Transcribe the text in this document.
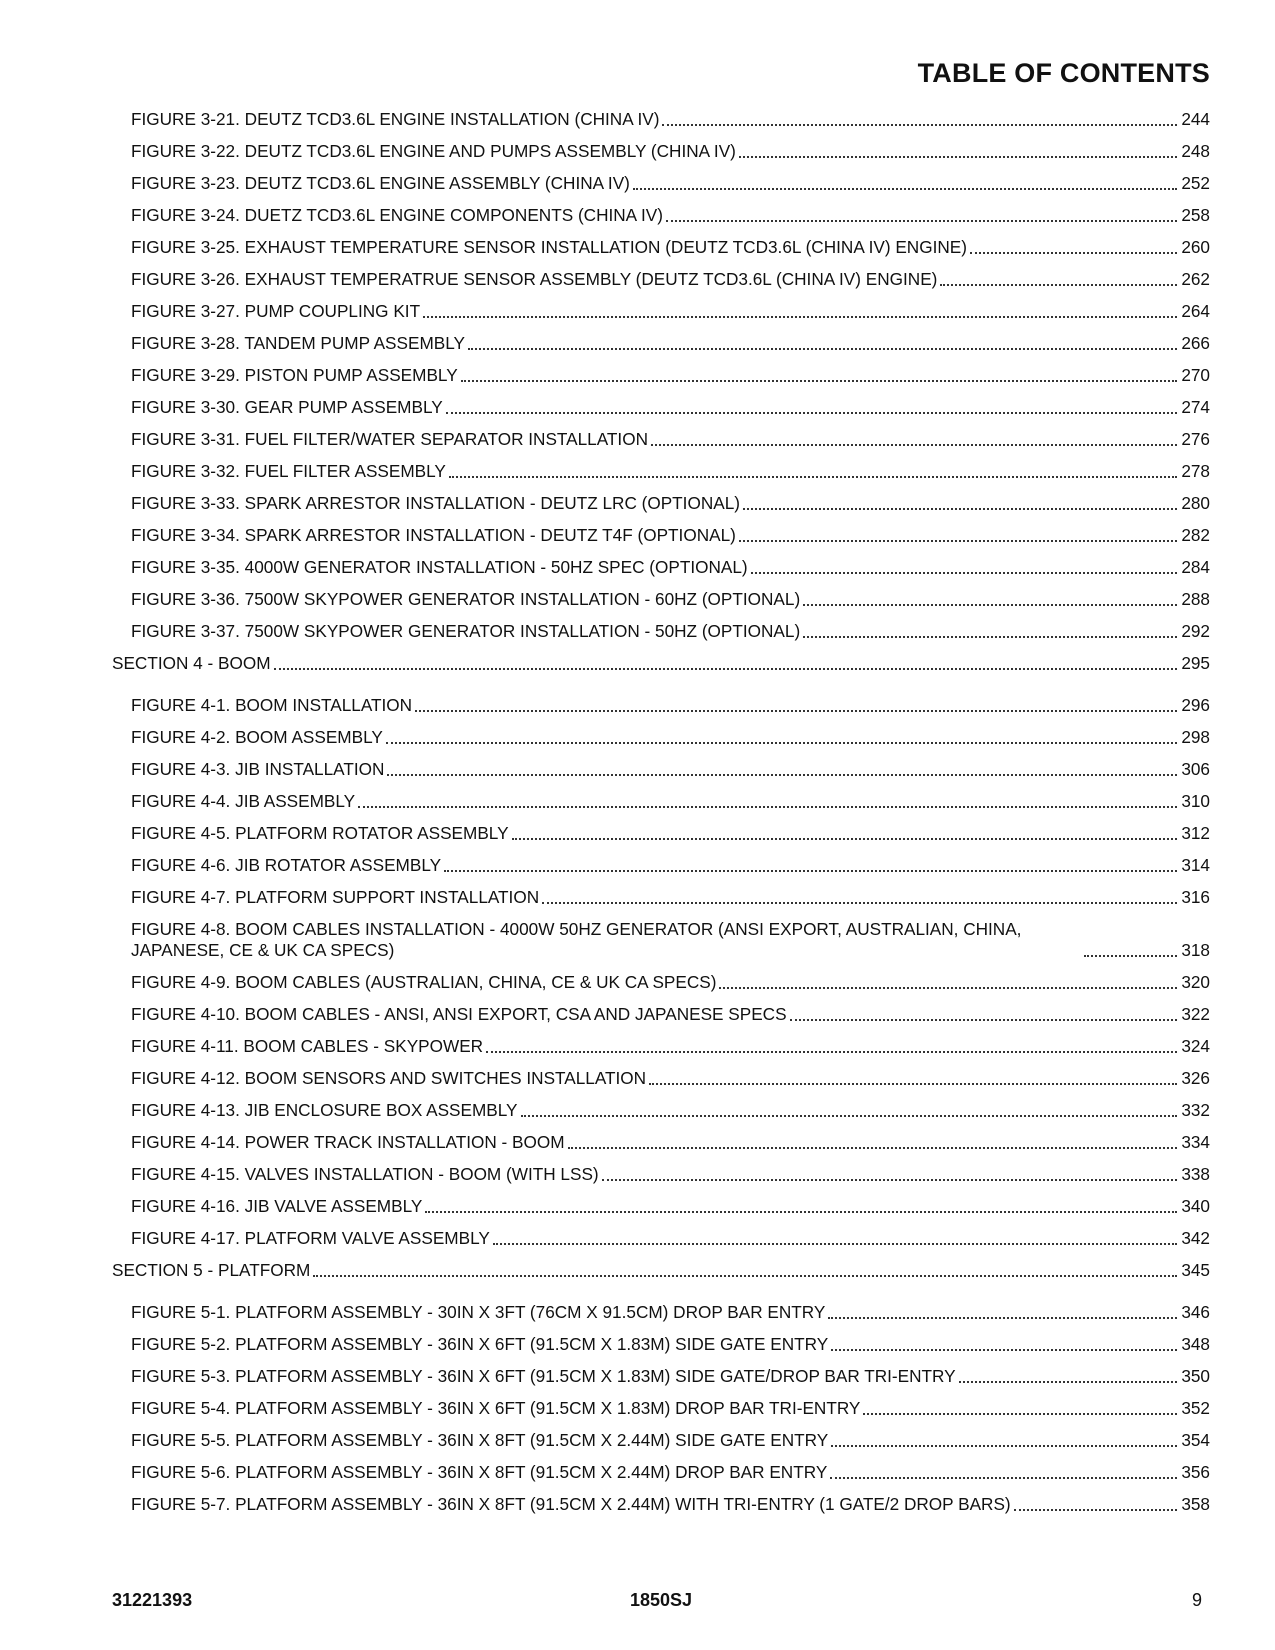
TABLE OF CONTENTS
FIGURE 3-21. DEUTZ TCD3.6L ENGINE INSTALLATION (CHINA IV)	244
FIGURE 3-22. DEUTZ TCD3.6L ENGINE AND PUMPS ASSEMBLY (CHINA IV)	248
FIGURE 3-23. DEUTZ TCD3.6L ENGINE ASSEMBLY (CHINA IV)	252
FIGURE 3-24. DUETZ TCD3.6L ENGINE COMPONENTS (CHINA IV)	258
FIGURE 3-25. EXHAUST TEMPERATURE SENSOR INSTALLATION (DEUTZ TCD3.6L (CHINA IV) ENGINE)	260
FIGURE 3-26. EXHAUST TEMPERATRUE SENSOR ASSEMBLY (DEUTZ TCD3.6L (CHINA IV) ENGINE)	262
FIGURE 3-27. PUMP COUPLING KIT	264
FIGURE 3-28. TANDEM PUMP ASSEMBLY	266
FIGURE 3-29. PISTON PUMP ASSEMBLY	270
FIGURE 3-30. GEAR PUMP ASSEMBLY	274
FIGURE 3-31. FUEL FILTER/WATER SEPARATOR INSTALLATION	276
FIGURE 3-32. FUEL FILTER ASSEMBLY	278
FIGURE 3-33. SPARK ARRESTOR INSTALLATION - DEUTZ LRC (OPTIONAL)	280
FIGURE 3-34. SPARK ARRESTOR INSTALLATION - DEUTZ T4F (OPTIONAL)	282
FIGURE 3-35. 4000W GENERATOR INSTALLATION - 50HZ SPEC (OPTIONAL)	284
FIGURE 3-36. 7500W SKYPOWER GENERATOR INSTALLATION - 60HZ (OPTIONAL)	288
FIGURE 3-37. 7500W SKYPOWER GENERATOR INSTALLATION - 50HZ (OPTIONAL)	292
SECTION 4 - BOOM	295
FIGURE 4-1. BOOM INSTALLATION	296
FIGURE 4-2. BOOM ASSEMBLY	298
FIGURE 4-3. JIB INSTALLATION	306
FIGURE 4-4. JIB ASSEMBLY	310
FIGURE 4-5. PLATFORM ROTATOR ASSEMBLY	312
FIGURE 4-6. JIB ROTATOR ASSEMBLY	314
FIGURE 4-7. PLATFORM SUPPORT INSTALLATION	316
FIGURE 4-8. BOOM CABLES INSTALLATION - 4000W 50HZ GENERATOR (ANSI EXPORT, AUSTRALIAN, CHINA,
JAPANESE, CE & UK CA SPECS)	318
FIGURE 4-9. BOOM CABLES (AUSTRALIAN, CHINA, CE & UK CA SPECS)	320
FIGURE 4-10. BOOM CABLES - ANSI, ANSI EXPORT, CSA AND JAPANESE SPECS	322
FIGURE 4-11. BOOM CABLES - SKYPOWER	324
FIGURE 4-12. BOOM SENSORS AND SWITCHES INSTALLATION	326
FIGURE 4-13. JIB ENCLOSURE BOX ASSEMBLY	332
FIGURE 4-14. POWER TRACK INSTALLATION - BOOM	334
FIGURE 4-15. VALVES INSTALLATION - BOOM (WITH LSS)	338
FIGURE 4-16. JIB VALVE ASSEMBLY	340
FIGURE 4-17. PLATFORM VALVE ASSEMBLY	342
SECTION 5 - PLATFORM	345
FIGURE 5-1. PLATFORM ASSEMBLY - 30IN X 3FT (76CM X 91.5CM) DROP BAR ENTRY	346
FIGURE 5-2. PLATFORM ASSEMBLY - 36IN X 6FT (91.5CM X 1.83M) SIDE GATE ENTRY	348
FIGURE 5-3. PLATFORM ASSEMBLY - 36IN X 6FT (91.5CM X 1.83M) SIDE GATE/DROP BAR TRI-ENTRY	350
FIGURE 5-4. PLATFORM ASSEMBLY - 36IN X 6FT (91.5CM X 1.83M) DROP BAR TRI-ENTRY	352
FIGURE 5-5. PLATFORM ASSEMBLY - 36IN X 8FT (91.5CM X 2.44M) SIDE GATE ENTRY	354
FIGURE 5-6. PLATFORM ASSEMBLY - 36IN X 8FT (91.5CM X 2.44M) DROP BAR ENTRY	356
FIGURE 5-7. PLATFORM ASSEMBLY - 36IN X 8FT (91.5CM X 2.44M) WITH TRI-ENTRY (1 GATE/2 DROP BARS)	358
31221393	1850SJ	9
